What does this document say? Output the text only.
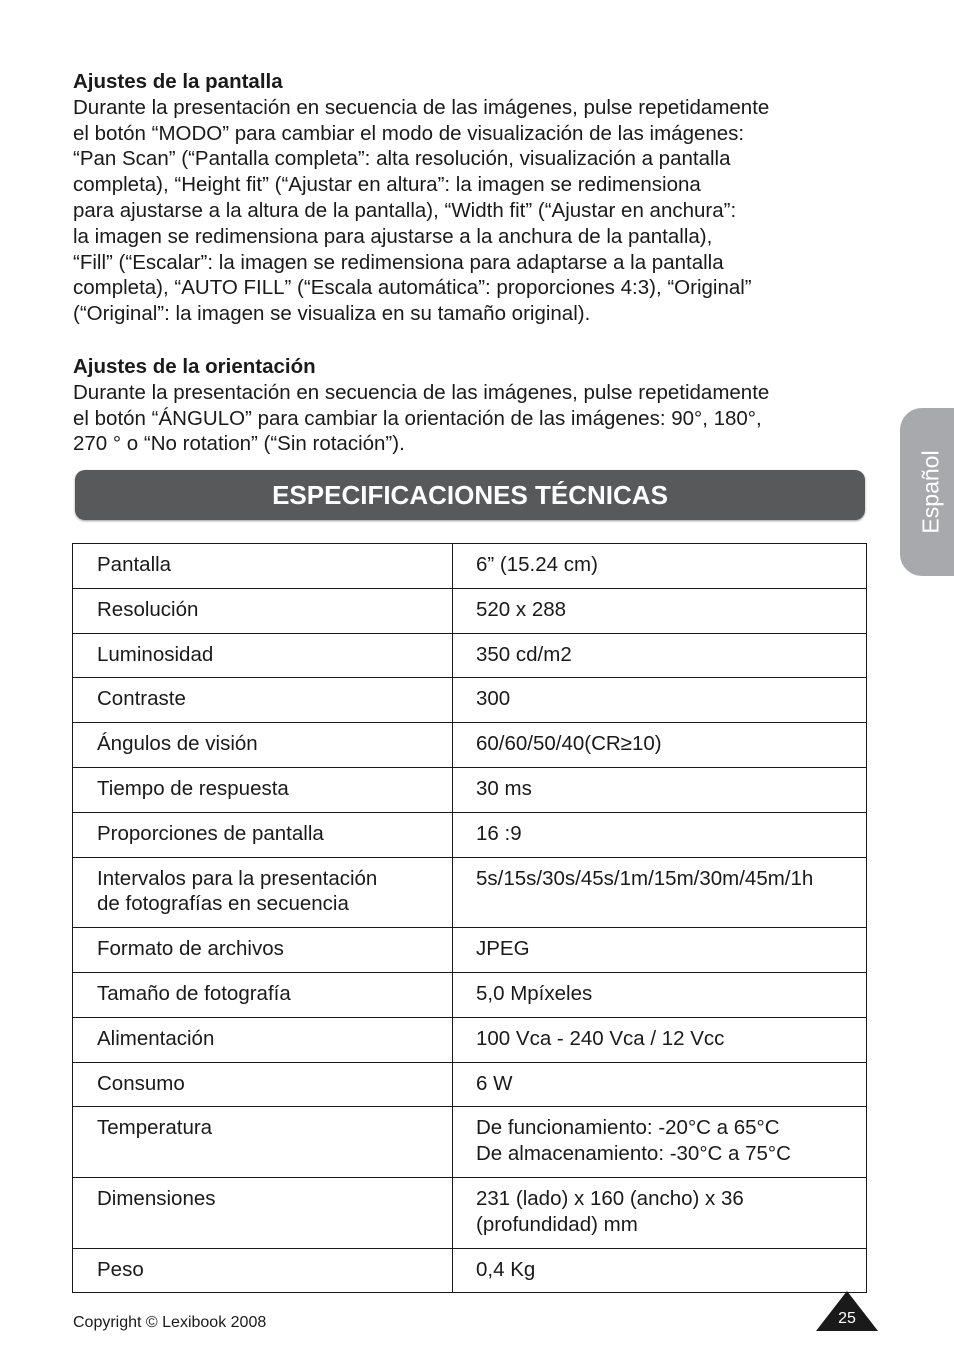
Ajustes de la pantalla

Durante la presentación en secuencia de las imágenes, pulse repetidamente
el botón “MODO” para cambiar el modo de visualización de las imágenes:
“Pan Scan” (“Pantalla completa”: alta resolución, visualización a pantalla
completa), “Height fit” (“Ajustar en altura”: la imagen se redimensiona
para ajustarse a la altura de la pantalla), “Width fit” (“Ajustar en anchura”:
la imagen se redimensiona para ajustarse a la anchura de la pantalla),
“Fill” (“Escalar”: la imagen se redimensiona para adaptarse a la pantalla
completa), “AUTO FILL” (“Escala automática”: proporciones 4:3), “Original”
(“Original”: la imagen se visualiza en su tamaño original).

Ajustes de la orientación

Durante la presentación en secuencia de las imágenes, pulse repetidamente
el botón “ÁNGULO” para cambiar la orientación de las imágenes: 90°, 180°,
270 ° o “No rotation” (“Sin rotación”).

ESPECIFICACIONES TÉCNICAS	Español
Pantalla	6” (15.24 cm)

Resolución	520 x 288

Luminosidad	350 cd/m2

Contraste	300

Ángulos de visión	60/60/50/40(CR≥10)

Tiempo de respuesta	30 ms

Proporciones de pantalla	16 :9

Intervalos para la presentación
de fotografías en secuencia	5s/15s/30s/45s/1m/15m/30m/45m/1h

Formato de archivos	JPEG

Tamaño de fotografía	5,0 Mpíxeles

Alimentación	100 Vca - 240 Vca / 12 Vcc

Consumo	6 W

Temperatura	De funcionamiento: -20°C a 65°C
De almacenamiento: -30°C a 75°C

Dimensiones	231 (lado) x 160 (ancho) x 36
(profundidad) mm

Peso	0,4 Kg
Copyright © Lexibook 2008	25
